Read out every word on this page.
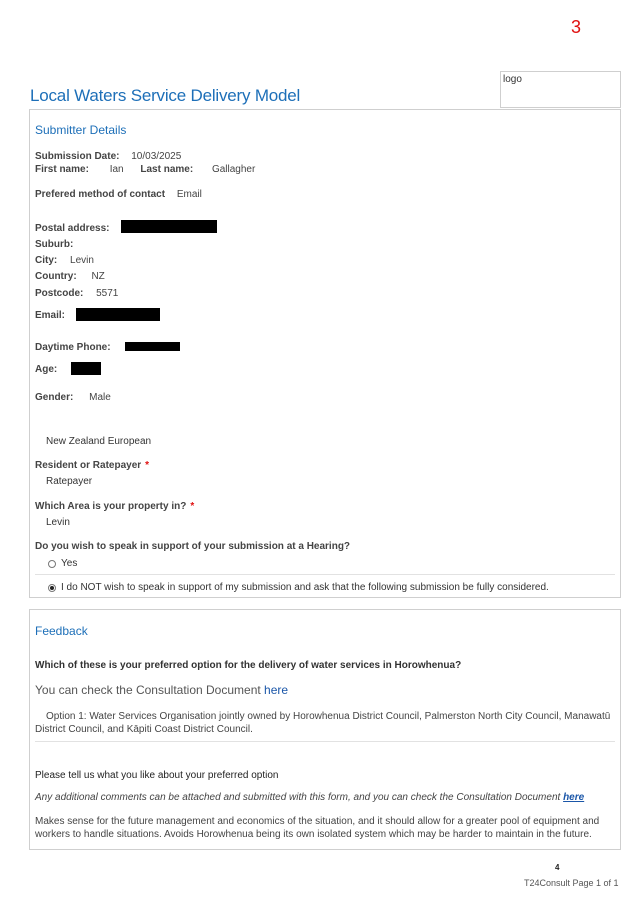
3
logo
Local Waters Service Delivery Model
Submitter Details
Submission Date: 10/03/2025
First name: Ian Last name: Gallagher
Prefered method of contact Email
Postal address:
Suburb:
City: Levin
Country: NZ
Postcode: 5571
Email:
Daytime Phone:
Age:
Gender: Male
New Zealand European
Resident or Ratepayer *
Ratepayer
Which Area is your property in? *
Levin
Do you wish to speak in support of your submission at a Hearing?
Yes
I do NOT wish to speak in support of my submission and ask that the following submission be fully considered.
Feedback
Which of these is your preferred option for the delivery of water services in Horowhenua?
You can check the Consultation Document here
Option 1: Water Services Organisation jointly owned by Horowhenua District Council, Palmerston North City Council, Manawatū District Council, and Kāpiti Coast District Council.
Please tell us what you like about your preferred option
Any additional comments can be attached and submitted with this form, and you can check the Consultation Document here
Makes sense for the future management and economics of the situation, and it should allow for a greater pool of equipment and workers to handle situations. Avoids Horowhenua being its own isolated system which may be harder to maintain in the future.
4
T24Consult Page 1 of 1
